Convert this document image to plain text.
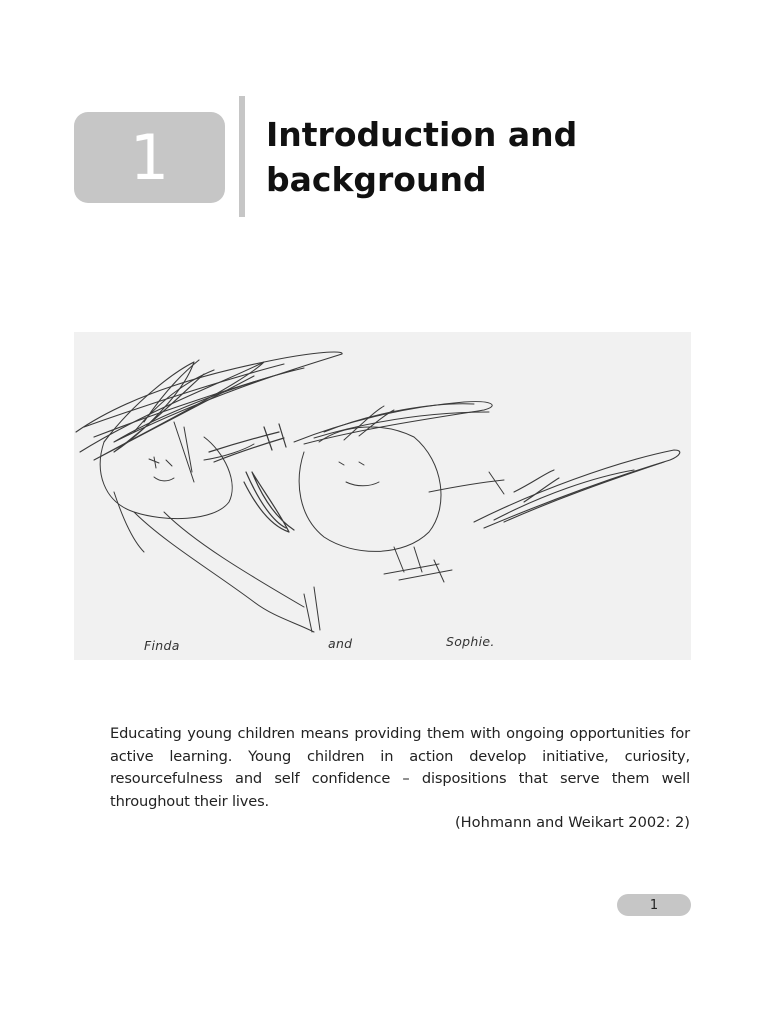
1	Introduction and
background
Finda	and	Sophie.

Educating young children means providing them with ongoing opportunities for active learning. Young children in action develop initiative, curiosity, resourcefulness and self confidence – dispositions that serve them well throughout their lives.

(Hohmann and Weikart 2002: 2)
1
